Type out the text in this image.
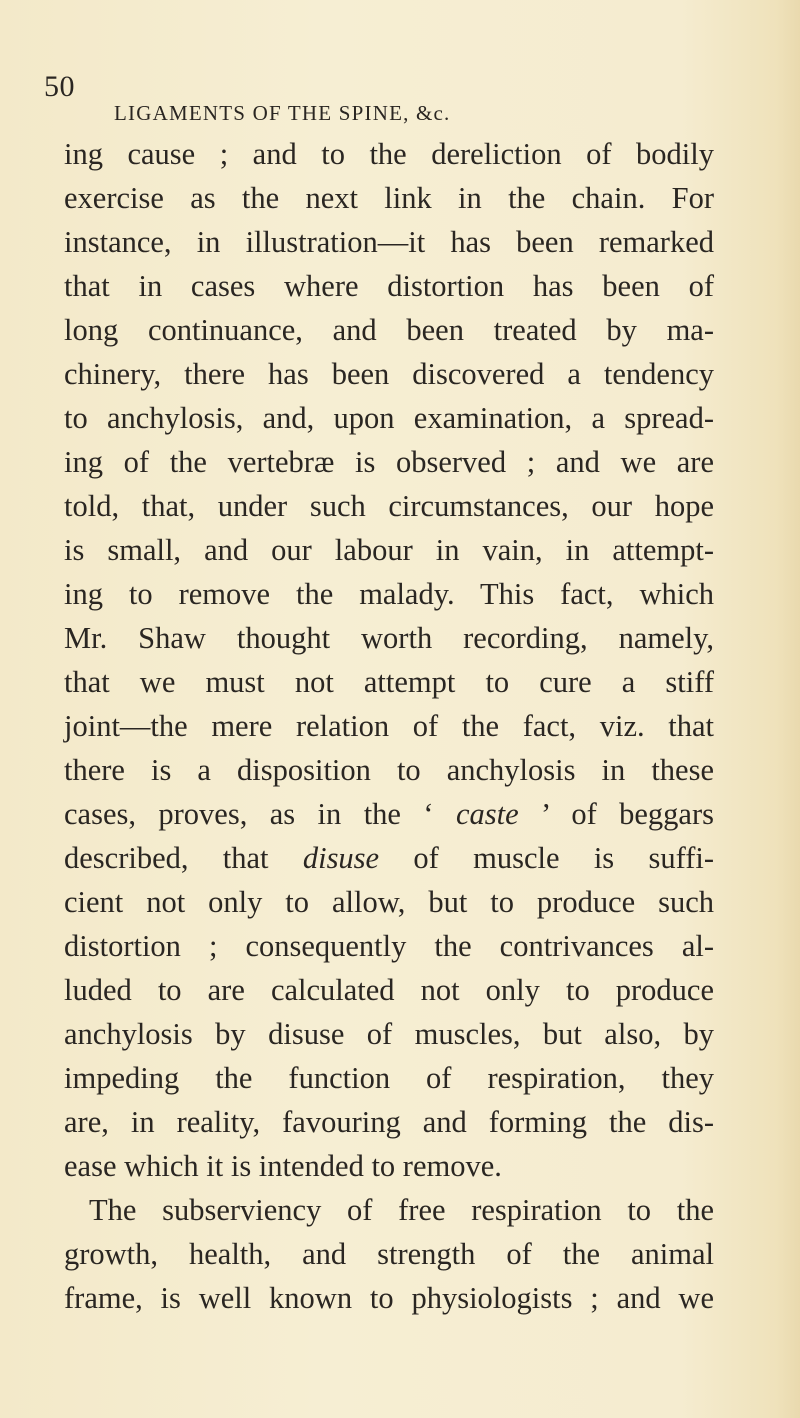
50
LIGAMENTS OF THE SPINE, &c.
ing cause ; and to the dereliction of bodily
exercise as the next link in the chain. For
instance, in illustration—it has been remarked
that in cases where distortion has been of
long continuance, and been treated by ma-
chinery, there has been discovered a tendency
to anchylosis, and, upon examination, a spread-
ing of the vertebræ is observed ; and we are
told, that, under such circumstances, our hope
is small, and our labour in vain, in attempt-
ing to remove the malady. This fact, which
Mr. Shaw thought worth recording, namely,
that we must not attempt to cure a stiff
joint—the mere relation of the fact, viz. that
there is a disposition to anchylosis in these
cases, proves, as in the ‘ caste ’ of beggars
described, that disuse of muscle is suffi-
cient not only to allow, but to produce such
distortion ; consequently the contrivances al-
luded to are calculated not only to produce
anchylosis by disuse of muscles, but also, by
impeding the function of respiration, they
are, in reality, favouring and forming the dis-
ease which it is intended to remove.
The subserviency of free respiration to the
growth, health, and strength of the animal
frame, is well known to physiologists ; and we
